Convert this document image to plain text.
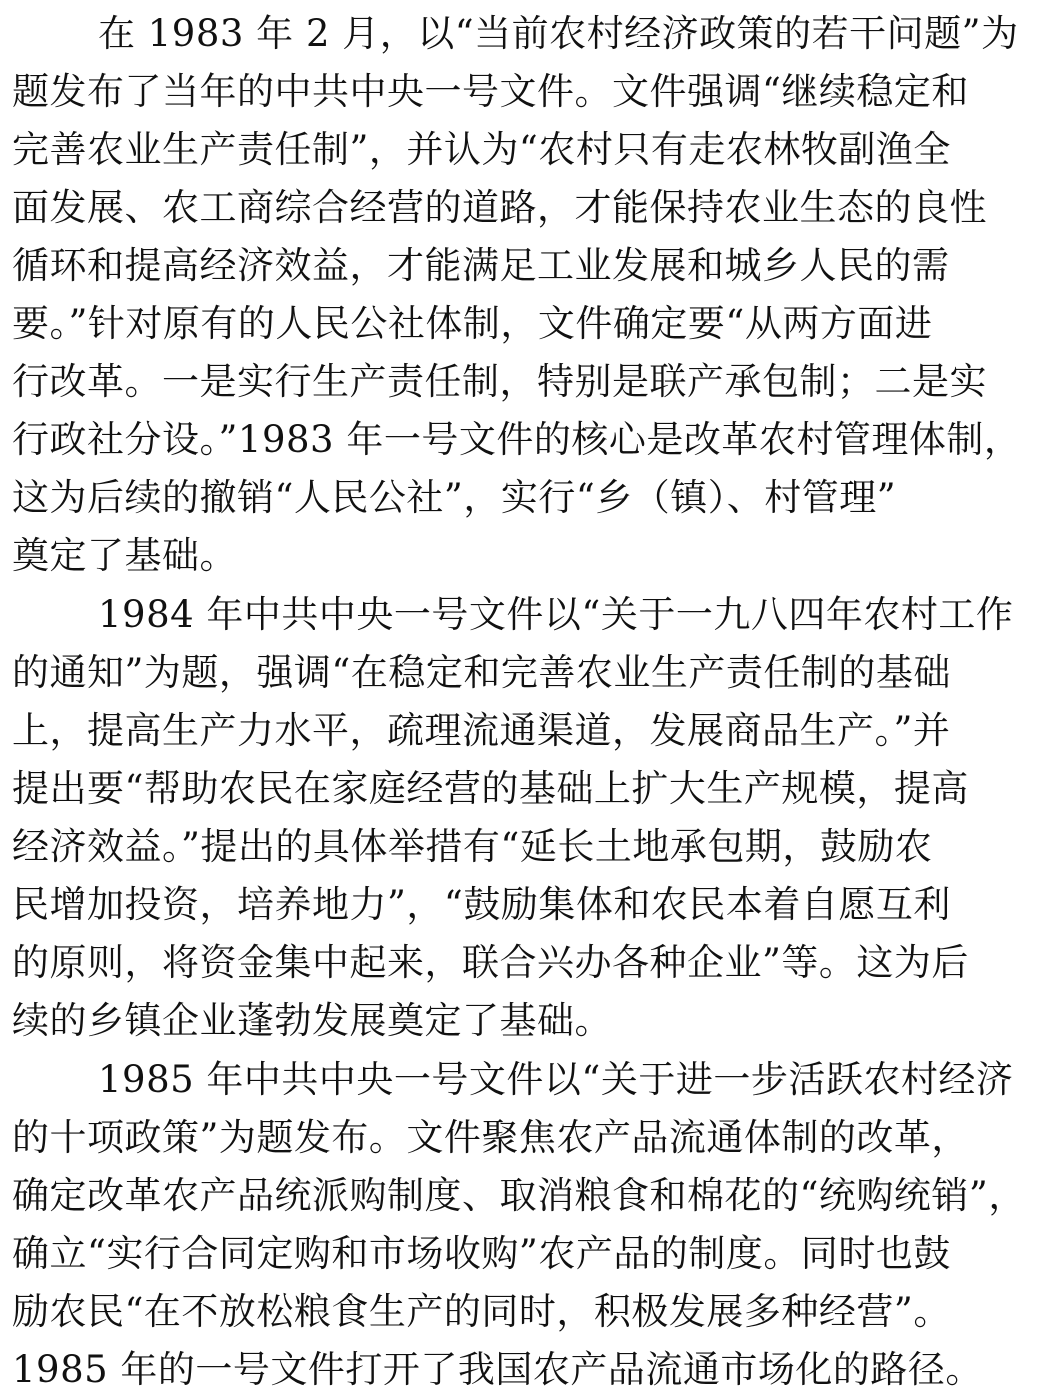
在 1983 年 2 月，以“当前农村经济政策的若干问题”为
题发布了当年的中共中央一号文件。文件强调“继续稳定和
完善农业生产责任制”，并认为“农村只有走农林牧副渔全
面发展、农工商综合经营的道路，才能保持农业生态的良性
循环和提高经济效益，才能满足工业发展和城乡人民的需
要。”针对原有的人民公社体制，文件确定要“从两方面进
行改革。一是实行生产责任制，特别是联产承包制；二是实
行政社分设。”1983 年一号文件的核心是改革农村管理体制，
这为后续的撤销“人民公社”，实行“乡（镇）、村管理”
奠定了基础。
1984 年中共中央一号文件以“关于一九八四年农村工作
的通知”为题，强调“在稳定和完善农业生产责任制的基础
上，提高生产力水平，疏理流通渠道，发展商品生产。”并
提出要“帮助农民在家庭经营的基础上扩大生产规模，提高
经济效益。”提出的具体举措有“延长土地承包期，鼓励农
民增加投资，培养地力”，“鼓励集体和农民本着自愿互利
的原则，将资金集中起来，联合兴办各种企业”等。这为后
续的乡镇企业蓬勃发展奠定了基础。
1985 年中共中央一号文件以“关于进一步活跃农村经济
的十项政策”为题发布。文件聚焦农产品流通体制的改革，
确定改革农产品统派购制度、取消粮食和棉花的“统购统销”，
确立“实行合同定购和市场收购”农产品的制度。同时也鼓
励农民“在不放松粮食生产的同时，积极发展多种经营”。
1985 年的一号文件打开了我国农产品流通市场化的路径。
